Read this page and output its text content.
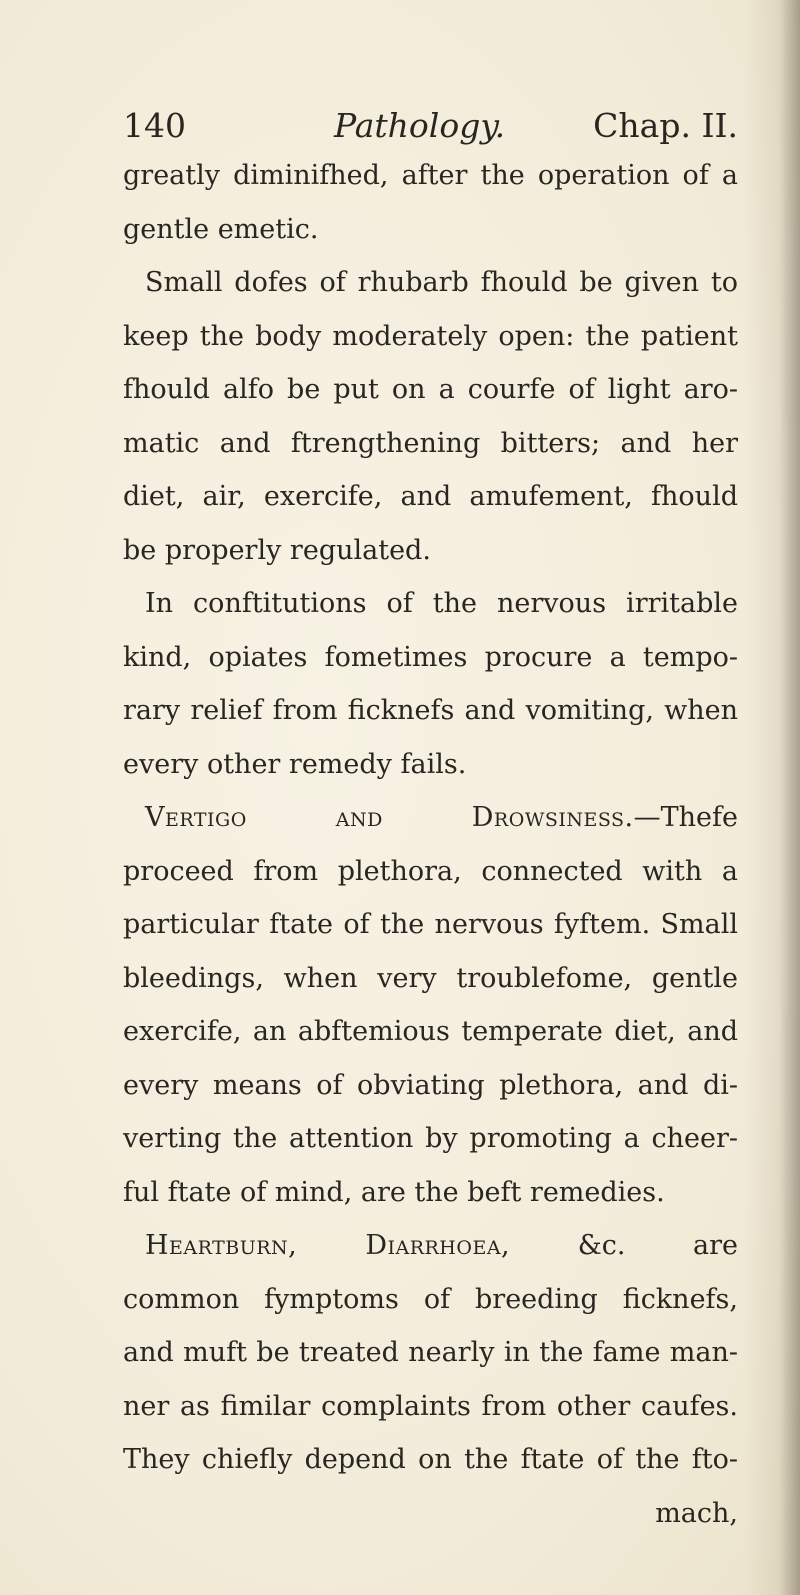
140	Pathology.	Chap. II.
greatly diminifhed, after the operation of a
gentle emetic.
Small dofes of rhubarb fhould be given to
keep the body moderately open: the patient
fhould alfo be put on a courfe of light aro-
matic and ftrengthening bitters; and her
diet, air, exercife, and amufement, fhould
be properly regulated.
In conftitutions of the nervous irritable
kind, opiates fometimes procure a tempo-
rary relief from ficknefs and vomiting, when
every other remedy fails.
Vertigo and Drowsiness.—Thefe
proceed from plethora, connected with a
particular ftate of the nervous fyftem. Small
bleedings, when very troublefome, gentle
exercife, an abftemious temperate diet, and
every means of obviating plethora, and di-
verting the attention by promoting a cheer-
ful ftate of mind, are the beft remedies.
Heartburn, Diarrhoea,	&c. are
common fymptoms of breeding ficknefs,
and muft be treated nearly in the fame man-
ner as fimilar complaints from other caufes.
They chiefly depend on the ftate of the fto-
mach,
